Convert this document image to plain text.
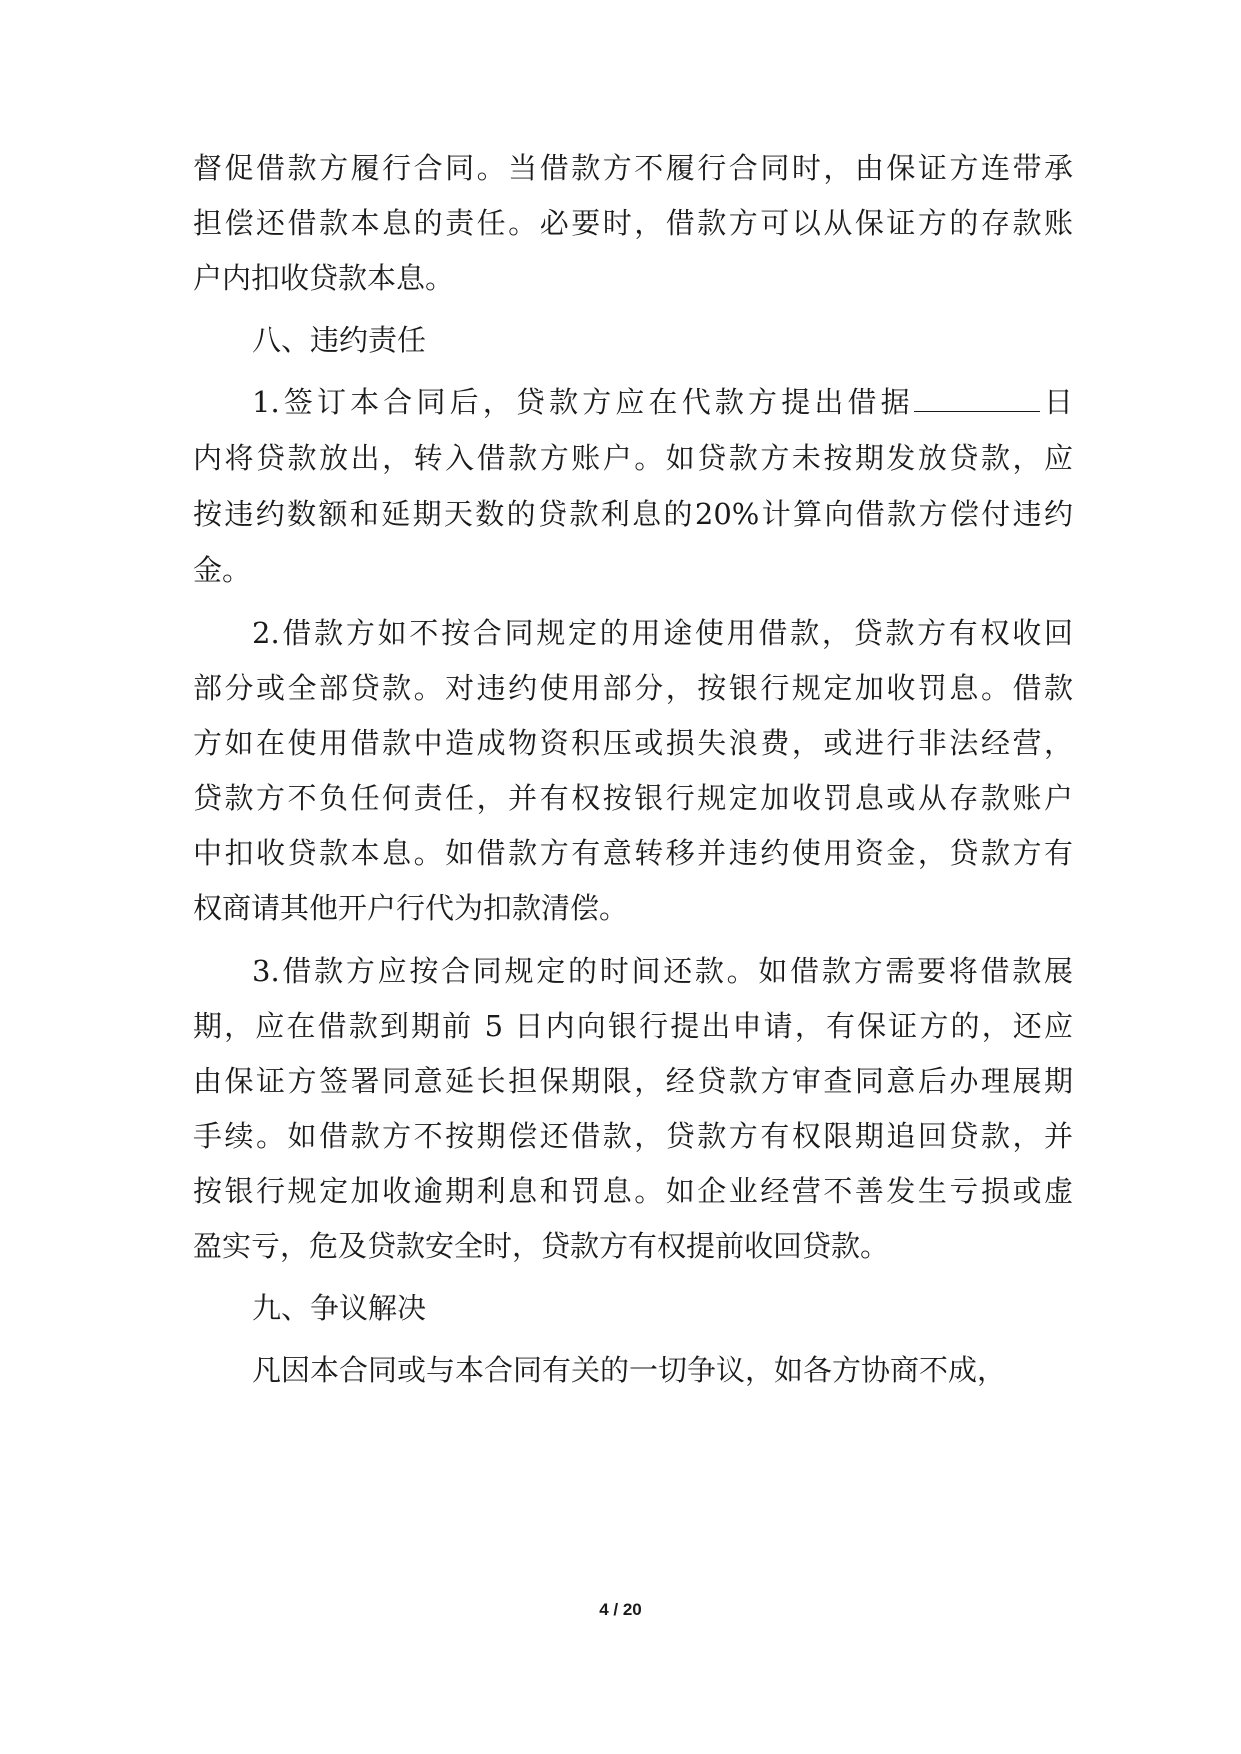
督促借款方履行合同。当借款方不履行合同时，由保证方连带承
担偿还借款本息的责任。必要时，借款方可以从保证方的存款账
户内扣收贷款本息。
八、违约责任
1.签订本合同后，贷款方应在代款方提出借据	日
内将贷款放出，转入借款方账户。如贷款方未按期发放贷款，应
按违约数额和延期天数的贷款利息的20%计算向借款方偿付违约
金。
2.借款方如不按合同规定的用途使用借款，贷款方有权收回
部分或全部贷款。对违约使用部分，按银行规定加收罚息。借款
方如在使用借款中造成物资积压或损失浪费，或进行非法经营，
贷款方不负任何责任，并有权按银行规定加收罚息或从存款账户
中扣收贷款本息。如借款方有意转移并违约使用资金，贷款方有
权商请其他开户行代为扣款清偿。
3.借款方应按合同规定的时间还款。如借款方需要将借款展
期，应在借款到期前 5 日内向银行提出申请，有保证方的，还应
由保证方签署同意延长担保期限，经贷款方审查同意后办理展期
手续。如借款方不按期偿还借款，贷款方有权限期追回贷款，并
按银行规定加收逾期利息和罚息。如企业经营不善发生亏损或虚
盈实亏，危及贷款安全时，贷款方有权提前收回贷款。
九、争议解决
凡因本合同或与本合同有关的一切争议，如各方协商不成，
4 / 20
